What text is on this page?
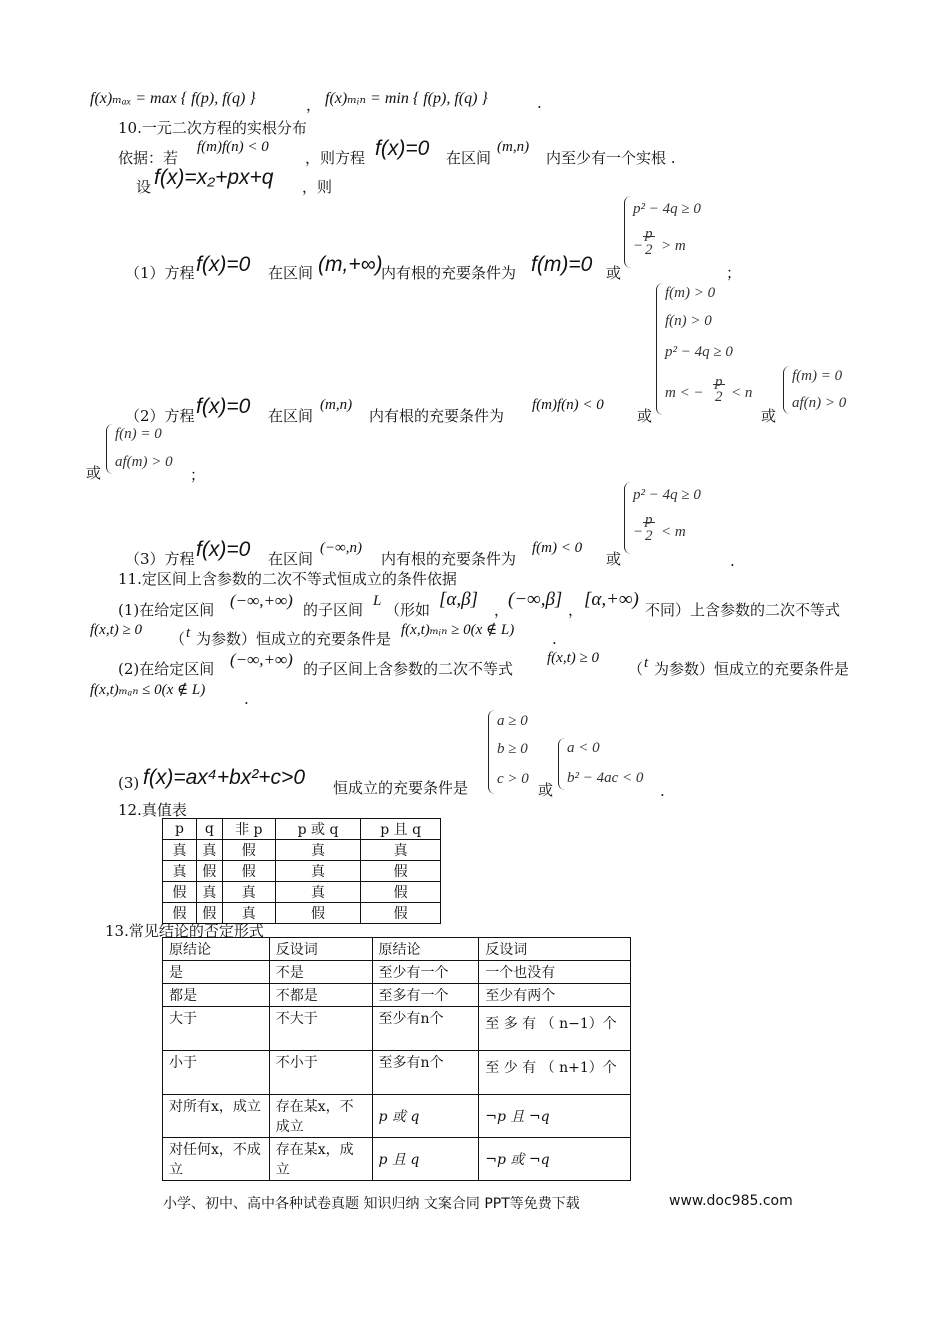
f(x)ₘₐₓ = max { f(p), f(q) }	， f(x)ₘᵢₙ = min { f(p), f(q) }	.
10.一元二次方程的实根分布
依据：若
f(m)f(n) < 0
，则方程 f(x)=0 在区间
(m,n)
内至少有一个实根 .
设 f(x)=x₂+px+q ，则
（1）方程 f(x)=0 在区间 (m,+∞)
内有根的充要条件为 f(m)=0 或
p² − 4q ≥ 0
−
p
2 > m
；
（2）方程 f(x)=0 在区间
(m,n)
内有根的充要条件为
f(m)f(n) < 0
或
f(m) > 0
f(n) > 0
p² − 4q ≥ 0
m < −
p
2 < n
或
f(m) = 0
af(n) > 0
f(n) = 0
af(m) > 0
或	；
（3）方程 f(x)=0 在区间
(−∞,n)
内有根的充要条件为
f(m) < 0
或
p² − 4q ≥ 0
−
p
2 < m
.
11.定区间上含参数的二次不等式恒成立的条件依据
(1)在给定区间 (−∞,+∞) 的子区间 L （形如 [α,β] ，
(−∞,β] ， [α,+∞) 不同）上含参数的二次不等式
f(x,t) ≥ 0 （ t 为参数）恒成立的充要条件是 f(x,t)ₘᵢₙ ≥ 0(x ∉ L)	.
(2)在给定区间 (−∞,+∞) 的子区间上含参数的二次不等式
f(x,t) ≥ 0
（ t 为参数）恒成立的充要条件是
f(x,t)ₘₐₙ ≤ 0(x ∉ L)	.
(3) f(x)=ax⁴+bx²+c>0 恒成立的充要条件是
a ≥ 0
b ≥ 0
c > 0
或
a < 0
b² − 4ac < 0
.
12.真值表
p	q	非 p	p 或 q	p 且 q
真	真	假	真	真
真	假	假	真	假
假	真	真	真	假
假	假	真	假	假
13.常见结论的否定形式
原结论	反设词	原结论	反设词
是	不是	至少有一个	一个也没有
都是	不都是	至多有一个	至少有两个
大于	不大于	至少有n个	至 多 有 （ n−1）个
小于	不小于	至多有n个	至 少 有 （ n+1）个
对所有x，成立	存在某x，不成立	p 或 q	¬p 且 ¬q
对任何x，不成立	存在某x，成立	p 且 q	¬p 或 ¬q
小学、初中、高中各种试卷真题 知识归纳 文案合同 PPT等免费下载	www.doc985.com
